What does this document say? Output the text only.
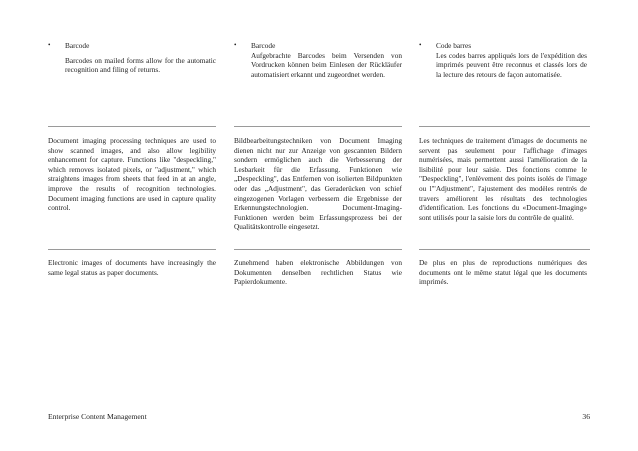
•	Barcode
Barcodes on mailed forms allow for the automatic recognition and filing of returns.
Document imaging processing techniques are used to show scanned images, and also allow legibility enhancement for capture. Functions like "despeckling," which removes isolated pixels, or "adjustment," which straightens images from sheets that feed in at an angle, improve the results of recognition technologies. Document imaging functions are used in capture quality control.
Electronic images of documents have increasingly the same legal status as paper documents.
•	Barcode
Aufgebrachte Barcodes beim Versenden von Vordrucken können beim Einlesen der Rückläufer automatisiert erkannt und zugeordnet werden.
Bildbearbeitungstechniken von Document Imaging dienen nicht nur zur Anzeige von gescannten Bildern sondern ermöglichen auch die Verbesserung der Lesbarkeit für die Erfassung. Funktionen wie „Despeckling", das Entfernen von isolierten Bildpunkten oder das „Adjustment", das Geraderücken von schief eingezogenen Vorlagen verbessern die Ergebnisse der Erkennungstechnologien. Document-Imaging-Funktionen werden beim Erfassungsprozess bei der Qualitätskontrolle eingesetzt.
Zunehmend haben elektronische Abbildungen von Dokumenten denselben rechtlichen Status wie Papierdokumente.
•	Code barres
Les codes barres appliqués lors de l'expédition des imprimés peuvent être reconnus et classés lors de la lecture des retours de façon automatisée.
Les techniques de traitement d'images de documents ne servent pas seulement pour l'affichage d'images numérisées, mais permettent aussi l'amélioration de la lisibilité pour leur saisie. Des fonctions comme le "Despeckling", l'enlèvement des points isolés de l'image ou l'"Adjustment", l'ajustement des modèles rentrés de travers améliorent les résultats des technologies d'identification. Les fonctions du «Document-Imaging» sont utilisés pour la saisie lors du contrôle de qualité.
De plus en plus de reproductions numériques des documents ont le même statut légal que les documents imprimés.
Enterprise Content Management	36
